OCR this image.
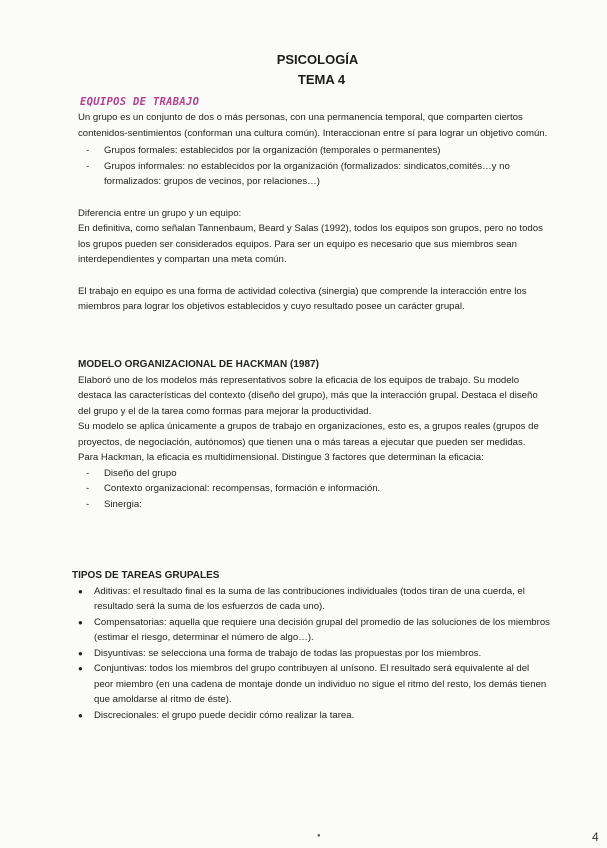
PSICOLOGÍA
TEMA 4
EQUIPOS DE TRABAJO

Un grupo es un conjunto de dos o más personas, con una permanencia temporal, que comparten ciertos contenidos-sentimientos (conforman una cultura común). Interaccionan entre sí para lograr un objetivo común.

- Grupos formales: establecidos por la organización (temporales o permanentes)
- Grupos informales: no establecidos por la organización (formalizados: sindicatos,comités…y no formalizados: grupos de vecinos, por relaciones…)

Diferencia entre un grupo y un equipo:

En definitiva, como señalan Tannenbaum, Beard y Salas (1992), todos los equipos son grupos, pero no todos los grupos pueden ser considerados equipos. Para ser un equipo es necesario que sus miembros sean interdependientes y compartan una meta común.

El trabajo en equipo es una forma de actividad colectiva (sinergia) que comprende la interacción entre los miembros para lograr los objetivos establecidos y cuyo resultado posee un carácter grupal.

MODELO ORGANIZACIONAL DE HACKMAN (1987)

Elaboró uno de los modelos más representativos sobre la eficacia de los equipos de trabajo. Su modelo destaca las características del contexto (diseño del grupo), más que la interacción grupal. Destaca el diseño del grupo y el de la tarea como formas para mejorar la productividad.

Su modelo se aplica únicamente a grupos de trabajo en organizaciones, esto es, a grupos reales (grupos de proyectos, de negociación, autónomos) que tienen una o más tareas a ejecutar que pueden ser medidas.

Para Hackman, la eficacia es multidimensional. Distingue 3 factores que determinan la eficacia:

- Diseño del grupo
- Contexto organizacional: recompensas, formación e información.
- Sinergia:

TIPOS DE TAREAS GRUPALES

● Aditivas: el resultado final es la suma de las contribuciones individuales (todos tiran de una cuerda, el resultado será la suma de los esfuerzos de cada uno).
● Compensatorias: aquella que requiere una decisión grupal del promedio de las soluciones de los miembros (estimar el riesgo, determinar el número de algo…).
● Disyuntivas: se selecciona una forma de trabajo de todas las propuestas por los miembros.
● Conjuntivas: todos los miembros del grupo contribuyen al unísono. El resultado será equivalente al del peor miembro (en una cadena de montaje donde un individuo no sigue el ritmo del resto, los demás tienen que amoldarse al ritmo de éste).
● Discrecionales: el grupo puede decidir cómo realizar la tarea.
●	4
